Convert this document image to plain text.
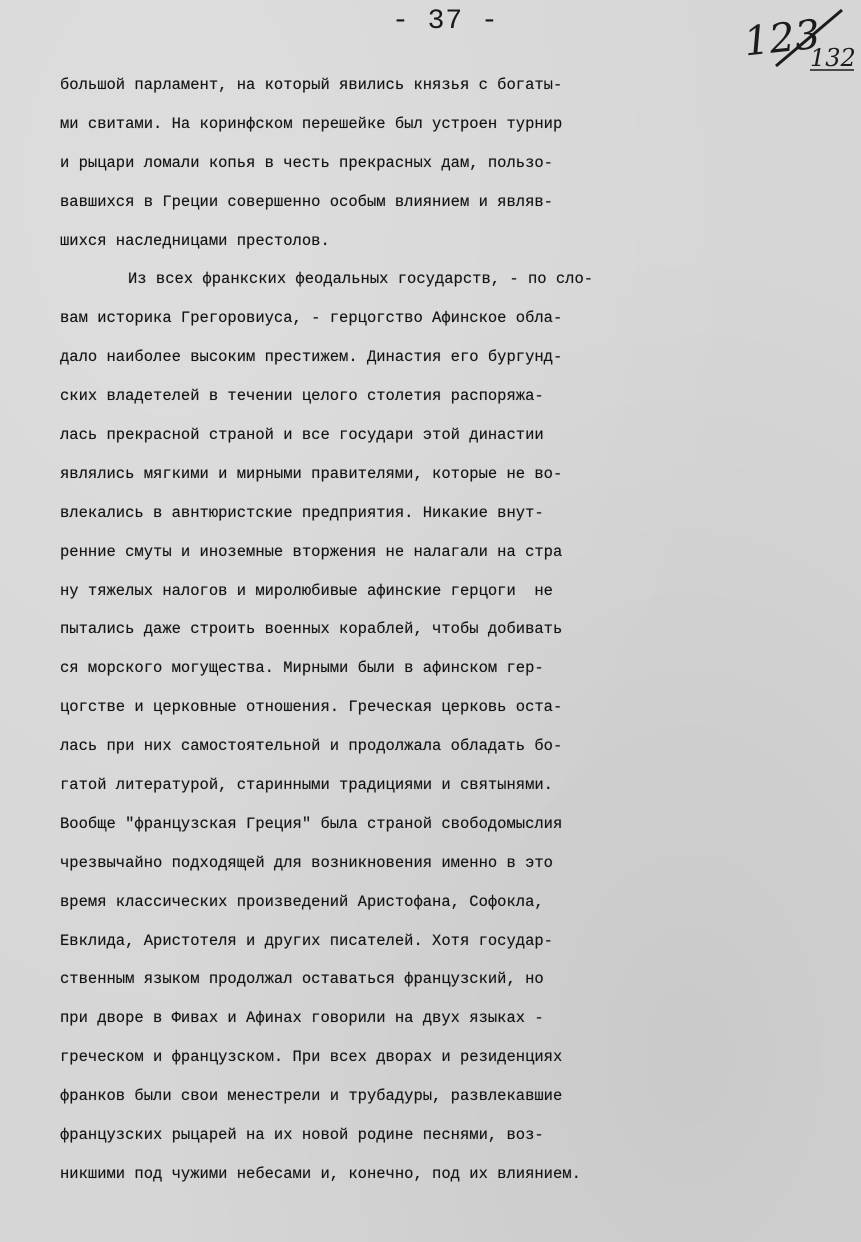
- 37 -	123
132
большой парламент, на который явились князья с богаты-
ми свитами. На коринфском перешейке был устроен турнир
и рыцари ломали копья в честь прекрасных дам, пользо-
вавшихся в Греции совершенно особым влиянием и являв-
шихся наследницами престолов.
Из всех франкских феодальных государств, - по сло-
вам историка Грегоровиуса, - герцогство Афинское обла-
дало наиболее высоким престижем. Династия его бургунд-
ских владетелей в течении целого столетия распоряжа-
лась прекрасной страной и все государи этой династии
являлись мягкими и мирными правителями, которые не во-
влекались в авнтюристские предприятия. Никакие внут-
ренние смуты и иноземные вторжения не налагали на стра
ну тяжелых налогов и миролюбивые афинские герцоги  не
пытались даже строить военных кораблей, чтобы добивать
ся морского могущества. Мирными были в афинском гер-
цогстве и церковные отношения. Греческая церковь оста-
лась при них самостоятельной и продолжала обладать бо-
гатой литературой, старинными традициями и святынями.
Вообще "французская Греция" была страной свободомыслия
чрезвычайно подходящей для возникновения именно в это
время классических произведений Аристофана, Софокла,
Евклида, Аристотеля и других писателей. Хотя государ-
ственным языком продолжал оставаться французский, но
при дворе в Фивах и Афинах говорили на двух языках -
греческом и французском. При всех дворах и резиденциях
франков были свои менестрели и трубадуры, развлекавшие
французских рыцарей на их новой родине песнями, воз-
никшими под чужими небесами и, конечно, под их влиянием.
